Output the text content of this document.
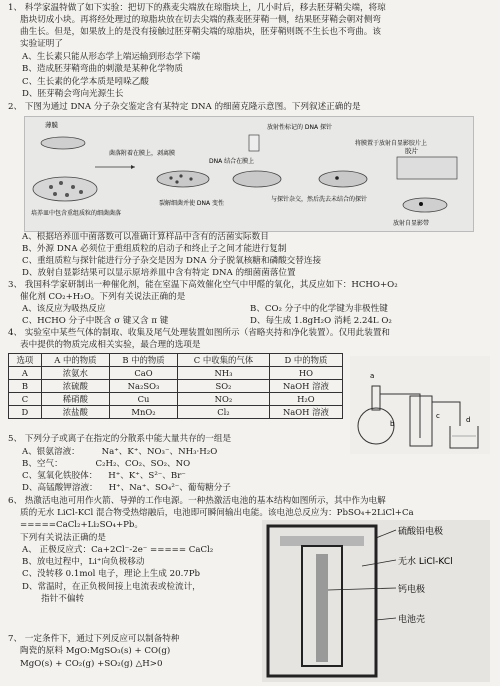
1、 科学家温特做了如下实验：把切下的燕麦尖端放在琼脂块上，几小时后，移去胚芽鞘尖端，将琼
脂块切成小块。再将经处理过的琼脂块放在切去尖端的燕麦胚芽鞘一侧，结果胚芽鞘会朝对侧弯
曲生长。但是，如果放上的是没有接触过胚芽鞘尖端的琼脂块，胚芽鞘则既不生长也不弯曲。该
实验证明了
A、生长素只能从形态学上端运输到形态学下端
B、造成胚芽鞘弯曲的刺激是某种化学物质
C、生长素的化学本质是吲哚乙酸
D、胚芽鞘会弯向光源生长
2、 下图为通过 DNA 分子杂交鉴定含有某特定 DNA 的细菌克隆示意图。下列叙述正确的是
薄膜
培养皿中包含重组质粒的细菌菌落
菌落附着在膜上，剥离膜
DNA 结合在膜上
裂解细菌并使 DNA 变性
放射性标记的 DNA 探针
与探针杂交，然后洗去未结合的探针
将膜置于放射自显影胶片上
胶片
放射自显影带
A、根据培养皿中菌落数可以准确计算样品中含有的活菌实际数目
B、外源 DNA 必须位于重组质粒的启动子和终止子之间才能进行复制
C、重组质粒与探针能进行分子杂交是因为 DNA 分子脱氧核糖和磷酸交替连接
D、放射自显影结果可以显示原培养皿中含有特定 DNA 的细菌菌落位置
3、 我国科学家研制出一种催化剂，能在室温下高效催化空气中甲醛的氧化，其反应如下：HCHO+O₂
催化剂 CO₂+H₂O。下列有关说法正确的是
A、该反应为吸热反应	B、CO₂ 分子中的化学键为非极性键
C、HCHO 分子中既含 σ 键又含 π 键	D、每生成 1.8gH₂O 消耗 2.24L O₂
4、 实验室中某些气体的制取、收集及尾气处理装置如图所示（省略夹持和净化装置）。仅用此装置和
表中提供的物质完成相关实验，最合理的选项是
选项	A 中的物质	B 中的物质	C 中收集的气体	D 中的物质
A	浓氨水	CaO	NH₃	HO
B	浓硫酸	Na₂SO₃	SO₂	NaOH 溶液
C	稀硝酸	Cu	NO₂	H₂O
D	浓盐酸	MnO₂	Cl₂	NaOH 溶液
a
b
c	d
5、 下列分子或离子在指定的分散系中能大量共存的一组是
A、银氨溶液：        Na⁺、K⁺、NO₃⁻、NH₃·H₂O
B、空气：            C₂H₂、CO₂、SO₂、NO
C、氢氧化铁胶体：    H⁺、K⁺、S²⁻、Br⁻
D、高锰酸钾溶液：    H⁺、Na⁺、SO₄²⁻、葡萄糖分子
6、 热激活电池可用作火箭、导弹的工作电源。一种热激活电池的基本结构如图所示，其中作为电解
质的无水 LiCl-KCl 混合物受热熔融后，电池即可瞬间输出电能。该电池总反应为：PbSO₄+2LiCl+Ca
=====CaCl₂+Li₂SO₄+Pb。
下列有关说法正确的是
A、 正极反应式：Ca+2Cl⁻-2e⁻ ===== CaCl₂
B、放电过程中，Li⁺向负极移动
C、没转移 0.1mol 电子，理论上生成 20.7Pb
D、常温时，在正负极间接上电流表或检流计，
指针不偏转
硫酸铅电极
无水 LiCl-KCl
钙电极
电池壳
7、 一定条件下，通过下列反应可以制备特种
陶瓷的原料 MgO:MgSO₃(s) + CO(g)
MgO(s) + CO₂(g) +SO₂(g) △H>0
